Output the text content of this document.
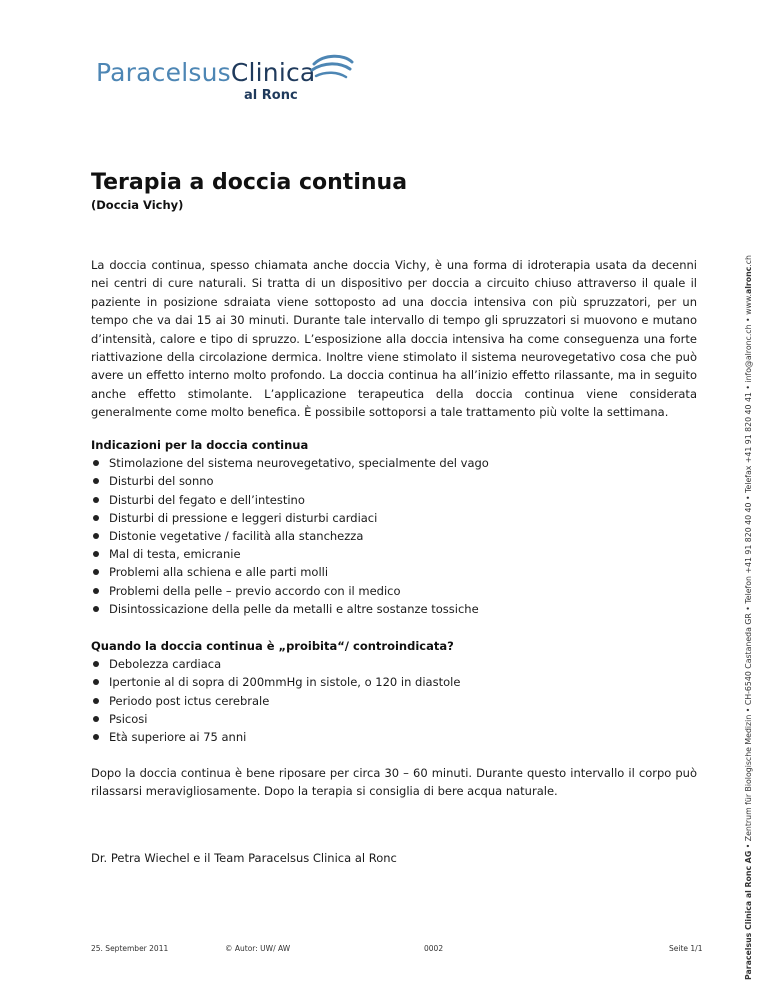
ParacelsusClinica
al Ronc
Terapia a doccia continua
(Doccia Vichy)

La doccia continua, spesso chiamata anche doccia Vichy, è una forma di idroterapia usata da decenni nei centri di cure naturali. Si tratta di un dispositivo per doccia a circuito chiuso attraverso il quale il paziente in posizione sdraiata viene sottoposto ad una doccia intensiva con più spruzzatori, per un tempo che va dai 15 ai 30 minuti. Durante tale intervallo di tempo gli spruzzatori si muovono e mutano d’intensità, calore e tipo di spruzzo. L’esposizione alla doccia intensiva ha come conseguenza una forte riattivazione della circolazione dermica. Inoltre viene stimolato il sistema neurovegetativo cosa che può avere un effetto interno molto profondo. La doccia continua ha all’inizio effetto rilassante, ma in seguito anche effetto stimolante. L’applicazione terapeutica della doccia continua viene considerata generalmente come molto benefica. È possibile sottoporsi a tale trattamento più volte la settimana.

Indicazioni per la doccia continua
Stimolazione del sistema neurovegetativo, specialmente del vago
Disturbi del sonno
Disturbi del fegato e dell’intestino
Disturbi di pressione e leggeri disturbi cardiaci
Distonie vegetative / facilità alla stanchezza
Mal di testa, emicranie
Problemi alla schiena e alle parti molli
Problemi della pelle – previo accordo con il medico
Disintossicazione della pelle da metalli e altre sostanze tossiche
Quando la doccia continua è „proibita“/ controindicata?
Debolezza cardiaca
Ipertonie al di sopra di 200mmHg in sistole, o 120 in diastole
Periodo post ictus cerebrale
Psicosi
Età superiore ai 75 anni

Dopo la doccia continua è bene riposare per circa 30 – 60 minuti. Durante questo intervallo il corpo può rilassarsi meravigliosamente. Dopo la terapia si consiglia di bere acqua naturale.

Dr. Petra Wiechel e il Team Paracelsus Clinica al Ronc

25. September 2011	© Autor: UW/ AW	0002	Seite 1/1	Paracelsus Clinica al Ronc AG • Zentrum für Biologische Medizin • CH-6540 Castaneda GR • Telefon +41 91 820 40 40 • Telefax +41 91 820 40 41 • info@alronc.ch • www.alronc.ch
